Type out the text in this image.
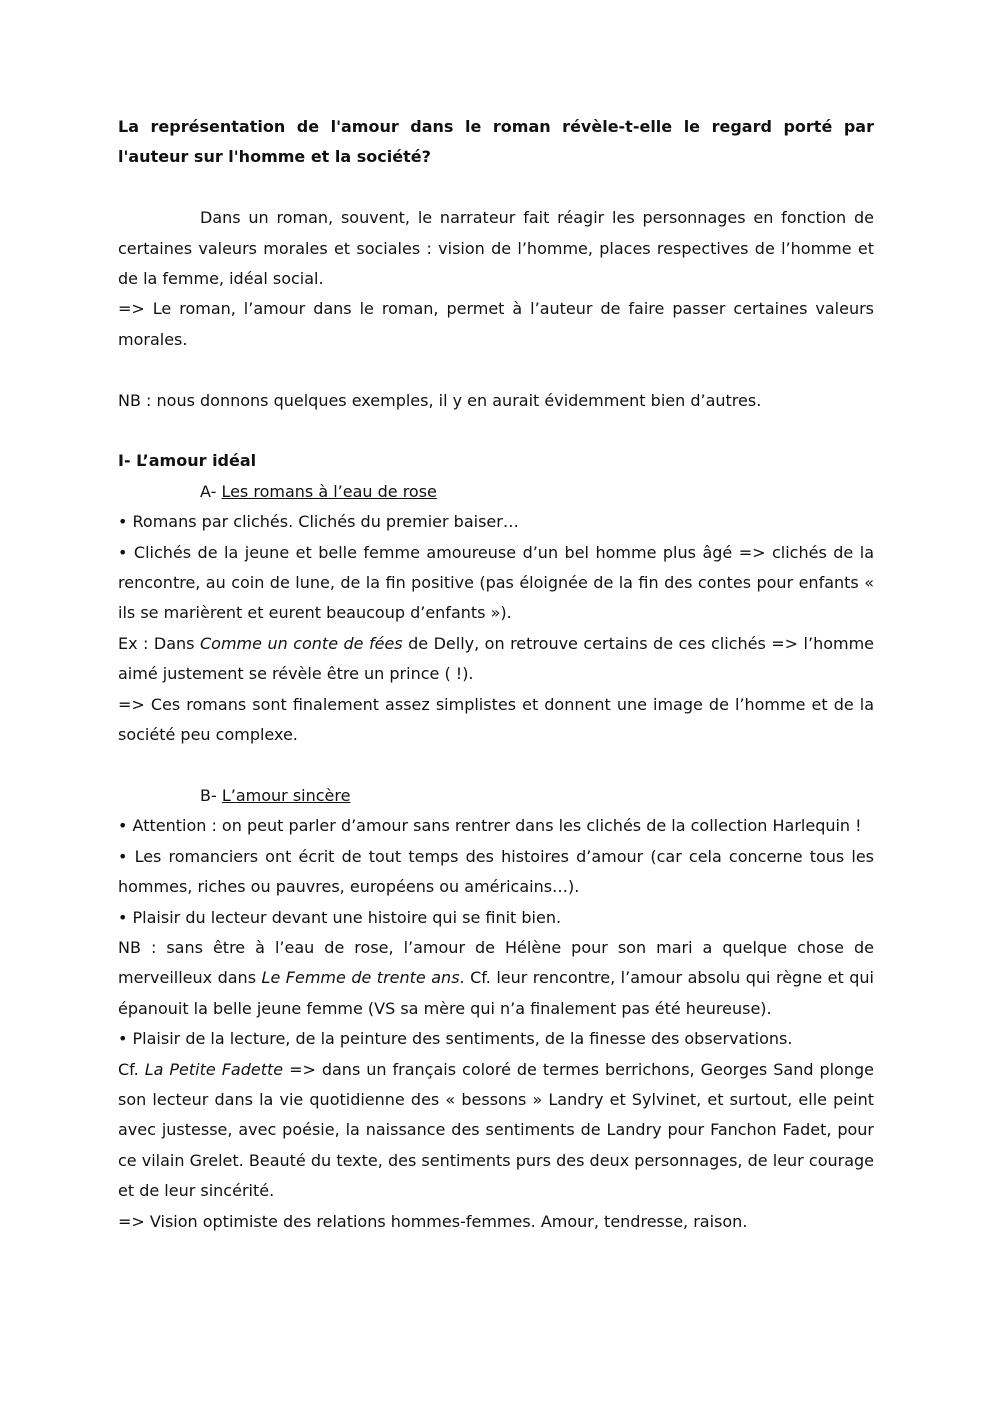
La représentation de l'amour dans le roman révèle-t-elle le regard porté par l'auteur sur l'homme et la société?

Dans un roman, souvent, le narrateur fait réagir les personnages en fonction de certaines valeurs morales et sociales : vision de l’homme, places respectives de l’homme et de la femme, idéal social.

=> Le roman, l’amour dans le roman, permet à l’auteur de faire passer certaines valeurs morales.

NB : nous donnons quelques exemples, il y en aurait évidemment bien d’autres.

I- L’amour idéal

A- Les romans à l’eau de rose

• Romans par clichés. Clichés du premier baiser…

• Clichés de la jeune et belle femme amoureuse d’un bel homme plus âgé => clichés de la rencontre, au coin de lune, de la fin positive (pas éloignée de la fin des contes pour enfants « ils se marièrent et eurent beaucoup d’enfants »).

Ex : Dans Comme un conte de fées de Delly, on retrouve certains de ces clichés => l’homme aimé justement se révèle être un prince ( !).

=> Ces romans sont finalement assez simplistes et donnent une image de l’homme et de la société peu complexe.

B- L’amour sincère

• Attention : on peut parler d’amour sans rentrer dans les clichés de la collection Harlequin !

• Les romanciers ont écrit de tout temps des histoires d’amour (car cela concerne tous les hommes, riches ou pauvres, européens ou américains…).

• Plaisir du lecteur devant une histoire qui se finit bien.

NB : sans être à l’eau de rose, l’amour de Hélène pour son mari a quelque chose de merveilleux dans Le Femme de trente ans. Cf. leur rencontre, l’amour absolu qui règne et qui épanouit la belle jeune femme (VS sa mère qui n’a finalement pas été heureuse).

• Plaisir de la lecture, de la peinture des sentiments, de la finesse des observations.

Cf. La Petite Fadette => dans un français coloré de termes berrichons, Georges Sand plonge son lecteur dans la vie quotidienne des « bessons » Landry et Sylvinet, et surtout, elle peint avec justesse, avec poésie, la naissance des sentiments de Landry pour Fanchon Fadet, pour ce vilain Grelet. Beauté du texte, des sentiments purs des deux personnages, de leur courage et de leur sincérité.

=> Vision optimiste des relations hommes-femmes. Amour, tendresse, raison.
